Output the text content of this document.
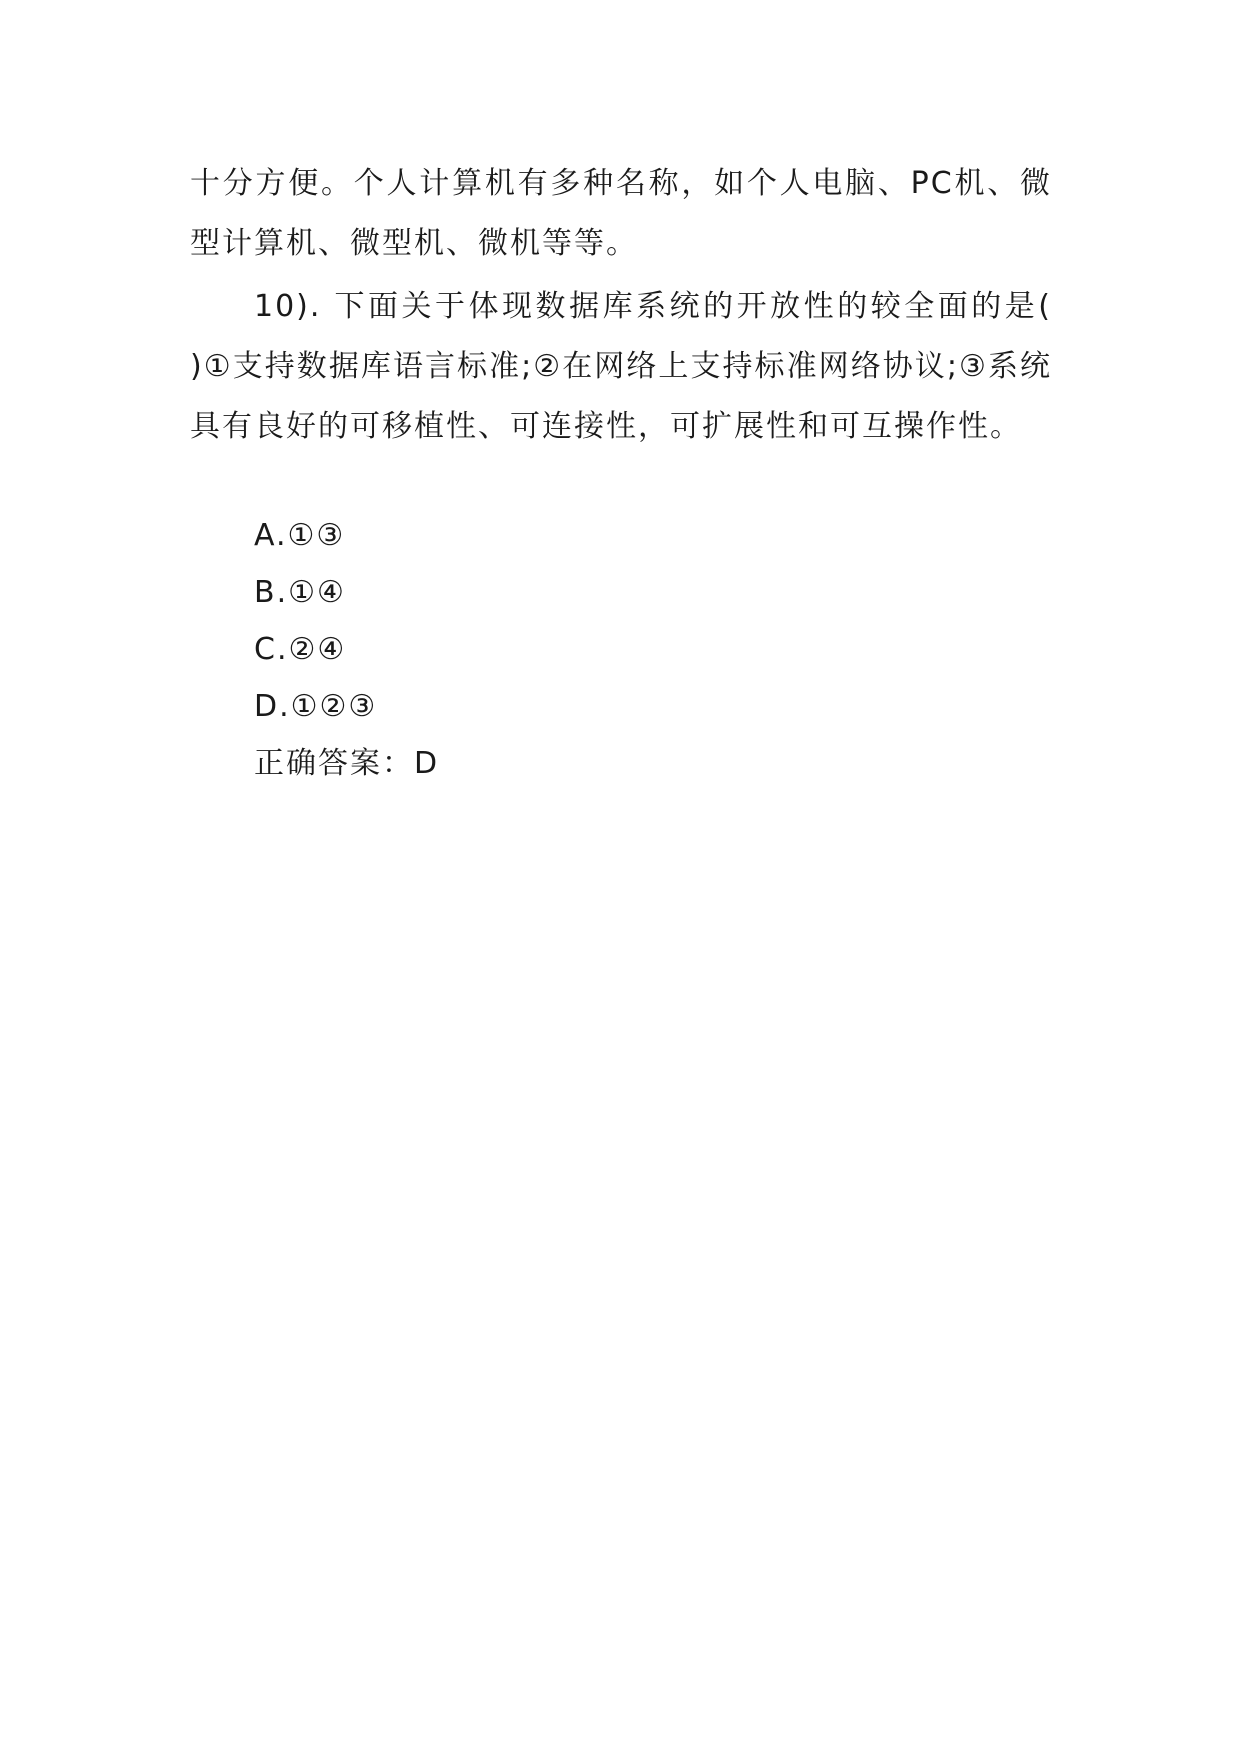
十分方便。个人计算机有多种名称，如个人电脑、PC机、微型计算机、微型机、微机等等。

10). 下面关于体现数据库系统的开放性的较全面的是( )①支持数据库语言标准;②在网络上支持标准网络协议;③系统具有良好的可移植性、可连接性，可扩展性和可互操作性。

A.①③

B.①④

C.②④

D.①②③

正确答案：D
